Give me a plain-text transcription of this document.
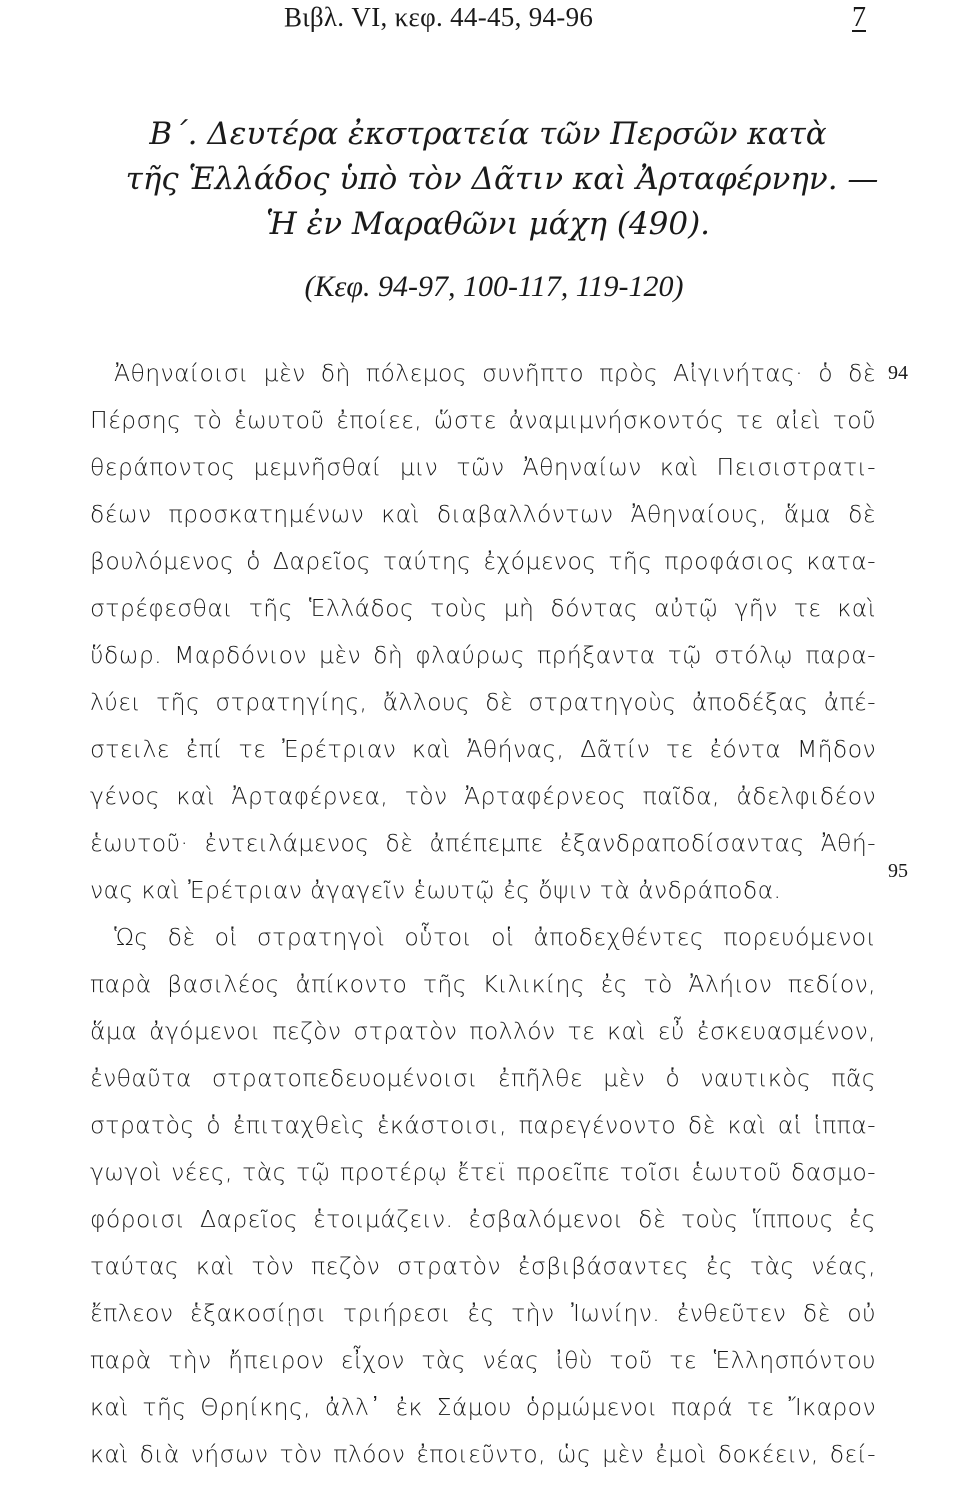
Βιβλ. VI, κεφ. 44-45, 94-96	7
Β΄. Δευτέρα ἐκστρατεία τῶν Περσῶν κατὰ
τῆς Ἑλλάδος ὑπὸ τὸν Δᾶτιν καὶ Ἀρταφέρνην. —
Ἡ ἐν Μαραθῶνι μάχη (490).
(Κεφ. 94-97, 100-117, 119-120)
94
95
Ἀθηναίοισι μὲν δὴ πόλεμος συνῆπτο πρὸς Αἰγινήτας· ὁ δὲ
Πέρσης τὸ ἑωυτοῦ ἐποίεε, ὥστε ἀναμιμνήσκοντός τε αἰεὶ τοῦ
θεράποντος μεμνῆσθαί μιν τῶν Ἀθηναίων καὶ Πεισιστρατι-
δέων προσκατημένων καὶ διαβαλλόντων Ἀθηναίους, ἅμα δὲ
βουλόμενος ὁ Δαρεῖος ταύτης ἐχόμενος τῆς προφάσιος κατα-
στρέφεσθαι τῆς Ἑλλάδος τοὺς μὴ δόντας αὐτῷ γῆν τε καὶ
ὕδωρ. Μαρδόνιον μὲν δὴ φλαύρως πρήξαντα τῷ στόλῳ παρα-
λύει τῆς στρατηγίης, ἄλλους δὲ στρατηγοὺς ἀποδέξας ἀπέ-
στειλε ἐπί τε Ἐρέτριαν καὶ Ἀθήνας, Δᾶτίν τε ἐόντα Μῆδον
γένος καὶ Ἀρταφέρνεα, τὸν Ἀρταφέρνεος παῖδα, ἀδελφιδέον
ἑωυτοῦ· ἐντειλάμενος δὲ ἀπέπεμπε ἐξανδραποδίσαντας Ἀθή-
νας καὶ Ἐρέτριαν ἀγαγεῖν ἑωυτῷ ἐς ὄψιν τὰ ἀνδράποδα.
Ὡς δὲ οἱ στρατηγοὶ οὗτοι οἱ ἀποδεχθέντες πορευόμενοι
παρὰ βασιλέος ἀπίκοντο τῆς Κιλικίης ἐς τὸ Ἀλήιον πεδίον,
ἅμα ἀγόμενοι πεζὸν στρατὸν πολλόν τε καὶ εὖ ἐσκευασμένον,
ἐνθαῦτα στρατοπεδευομένοισι ἐπῆλθε μὲν ὁ ναυτικὸς πᾶς
στρατὸς ὁ ἐπιταχθεὶς ἑκάστοισι, παρεγένοντο δὲ καὶ αἱ ἱππα-
γωγοὶ νέες, τὰς τῷ προτέρῳ ἔτεϊ προεῖπε τοῖσι ἑωυτοῦ δασμο-
φόροισι Δαρεῖος ἑτοιμάζειν. ἐσβαλόμενοι δὲ τοὺς ἵππους ἐς
ταύτας καὶ τὸν πεζὸν στρατὸν ἐσβιβάσαντες ἐς τὰς νέας,
ἔπλεον ἑξακοσίῃσι τριήρεσι ἐς τὴν Ἰωνίην. ἐνθεῦτεν δὲ οὐ
παρὰ τὴν ἤπειρον εἶχον τὰς νέας ἰθὺ τοῦ τε Ἑλλησπόντου
καὶ τῆς Θρηίκης, ἀλλ᾽ ἐκ Σάμου ὁρμώμενοι παρά τε Ἴκαρον
καὶ διὰ νήσων τὸν πλόον ἐποιεῦντο, ὡς μὲν ἐμοὶ δοκέειν, δεί-
